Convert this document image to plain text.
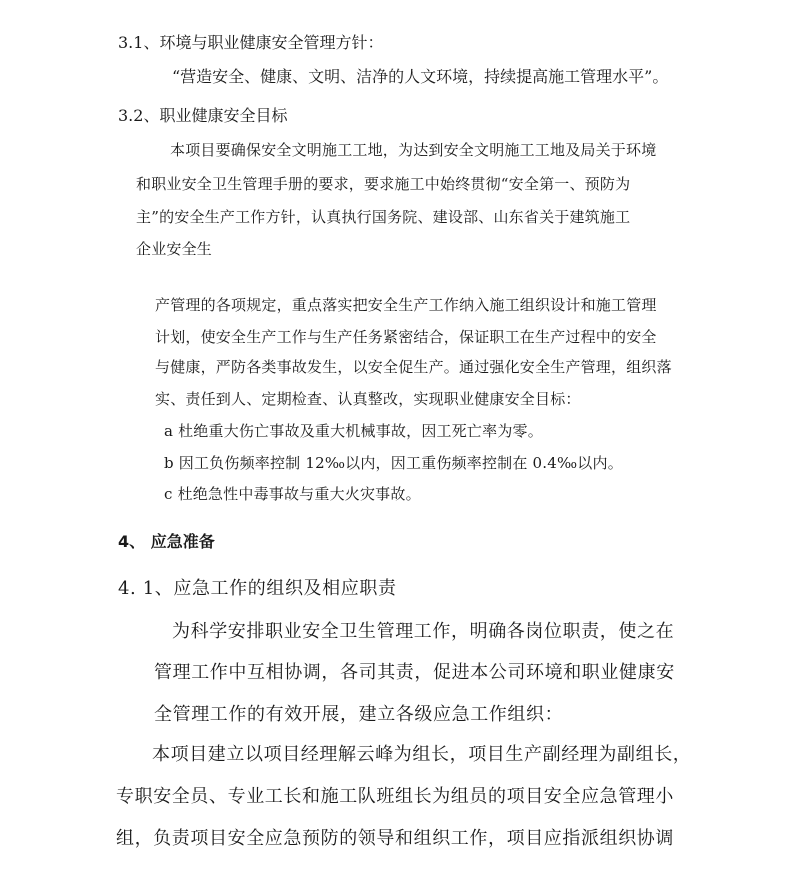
3.1、环境与职业健康安全管理方针：
“营造安全、健康、文明、洁净的人文环境，持续提高施工管理水平”。
3.2、职业健康安全目标
本项目要确保安全文明施工工地，为达到安全文明施工工地及局关于环境
和职业安全卫生管理手册的要求，要求施工中始终贯彻“安全第一、预防为
主”的安全生产工作方针，认真执行国务院、建设部、山东省关于建筑施工
企业安全生
产管理的各项规定，重点落实把安全生产工作纳入施工组织设计和施工管理
计划，使安全生产工作与生产任务紧密结合，保证职工在生产过程中的安全
与健康，严防各类事故发生，以安全促生产。通过强化安全生产管理，组织落
实、责任到人、定期检查、认真整改，实现职业健康安全目标：
a 杜绝重大伤亡事故及重大机械事故，因工死亡率为零。
b 因工负伤频率控制 12‰以内，因工重伤频率控制在 0.4‰以内。
c 杜绝急性中毒事故与重大火灾事故。
4、 应急准备
4. 1、应急工作的组织及相应职责
为科学安排职业安全卫生管理工作，明确各岗位职责，使之在
管理工作中互相协调，各司其责，促进本公司环境和职业健康安
全管理工作的有效开展，建立各级应急工作组织：
本项目建立以项目经理解云峰为组长，项目生产副经理为副组长，
专职安全员、专业工长和施工队班组长为组员的项目安全应急管理小
组，负责项目安全应急预防的领导和组织工作，项目应指派组织协调
